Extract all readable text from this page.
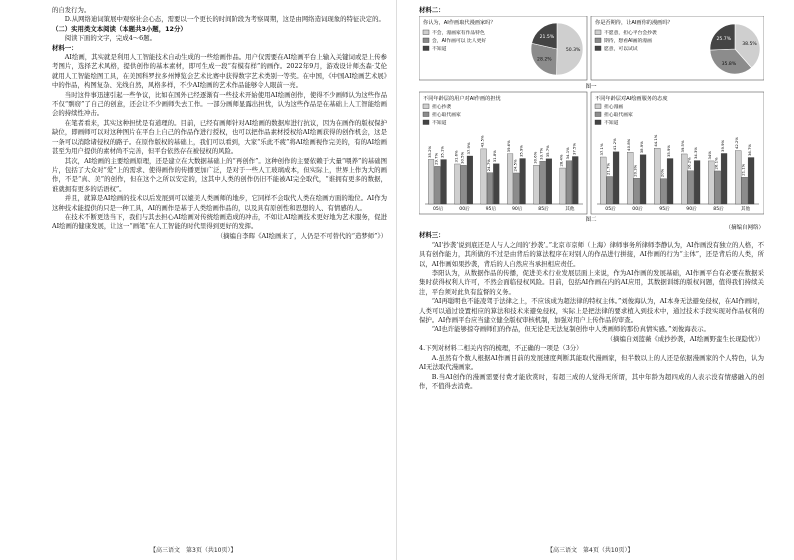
的自发行为。

D.从网络迪词策展中观察社会心态，需要以一个更长的时间阶段为考察周期，这是由网络造词现象的特征决定的。

（二）实用类文本阅读（本题共3小题，12分）

阅读下面的文字，完成4～6题。

材料一：

AI绘画，其实就是利用人工智能技术自动生成的一些绘画作品。用户仅需要在AI绘画平台上输入关键词或是上传参考图片，选择艺术风格，提供创作的基本素材，即可生成一段“有模有样”的画作。2022年9月，游戏设计师杰森·艾伦就用人工智能绘图工具，在美国科罗拉多州博览会艺术比赛中获得数字艺术类别一等奖。在中国，《中国AI绘画艺术展》中的作品，构图复杂、光线自然，风格多样，不少AI绘画的艺术作品能够令人眼前一亮。

当时这件事迅速引起一些争议，比如在国外已经逐渐有一些技术开始使用AI绘画创作，使得不少画师认为这些作品不仅“剽窃”了自己的创意，还会让不少画师失去工作。一部分画师显露出担忧，认为这些作品是在基础上人工智能绘画会的持续性冲击。

在笔者看来，其实这种担忧是有道理的。目前，已经有画师针对AI绘画的数据库进行抗议，因为在画作的版权保护缺位，即画师可以对这种图片在平台上自己的作品作进行授权，也可以把作品素材授权给AI绘画获得的创作机会，这是一条可以消除诸侵权的路子。在原作版权的基础上，我们可以看到，大家“乐此不疲”将AI绘画视作完美的，有的AI绘画甚至为用户提供的素材尚不完善，但平台依然存在被侵权的风险。

其次，AI绘画的主要绘画原理，还是建立在大数据基础上的“再创作”。这种创作的主要依赖于大量“喂养”的基础图片，包括了大众对“爱”上的需求、使得画作的传播更加广泛，是对于一些人工玻璃成本，但实际上，世界上作为大的画作，不是“真、美”的创作，但在这个之所以安定的，这其中人类的创作仍旧不能被AI完全取代，“谁拥有更多的数据，谁就拥有更多的话语权”。

并且，就算是AI绘画的技术以后发展到可以媲美人类画师的地步，它同样不会取代人类在绘画方面的地位。AI作为这种技术能提供的只是一种工具，AI的画作是基于人类绘画作品的，以及具有原创性和思想的人、有情感的人。

在技术不断更迭当下，我们与其去担心AI绘画对传统绘画造成的冲击，不如让AI绘画技术更好地为艺术服务，促进AI绘画的健康发展，让这一“画笔”在人工智能的时代里得到更好的发挥。

（摘编自李晖《AI绘画来了，人仍是不可替代的“造梦师”》）

【高三语文　第3页（共10页）】

材料二：

你认为，AI作画取代漫画家吗？	你是否期待，让AI画你的漫画吗？
不会，漫画家有作品特色
会，AI作画可以 比人更好
不知道
不愿意，担心平台会抄袭
期待，想看AI画的漫画
愿意，可以试试
50.3%
28.2%
21.5%
38.5%
35.8%
25.7%
图一
不同年龄层的用户对AI作画的担忧	不同年龄层对AI绘画服务的态度
担心抄袭
担心取代画家
不知道
担心漫画
担心取代画家
不知道
35.2%
29.7%
35.1%
05后
31.6% 30.5%
37.9%
00后
43.5%
24.7%
31.8%
95后
39.6%
24.5%
35.9%
90后
30.6% 33.7% 35.7%
85后
28.4%
34.1% 37.5%
其他
37.1%
21.7%
41.2%
05后
40.8%
20.3%
38.9%
00后
44.1%
20%
35.9%
95后
39.5%
26.2%
34.3%
90后
34%
26.1%
39.9%
85后
42.2%
21.1%
36.7%
其他
图二
（摘编自网络）

材料三：

“AI‘抄袭’说到底还是人与人之间的‘抄袭’。”北京市京师（上海）律师事务所律师李静认为，AI作画没有独立的人格，不具有创作能力，其所做的不过是由背后的算法程序在对别人的作品进行拼接，AI作画的行为“主体”，还是背后的人类，所以，AI作画如果抄袭，背后的人自然应当承担相应责任。

李阳认为，从数据作品的传播，促进美术行业发展层面上来说，作为AI作画的发展基础，AI作画平台有必要在数据采集时获得权利人许可，不然会面临侵权风险。目前，包括AI作画在内的AI应用，其数据训练的版权问题，值得我们持续关注，平台须对此负有监督的义务。

“AI再聪明也不能凌驾于法律之上，不应该成为超法律的特权主体。”刘俊海认为，AI本身无法避免侵权，在AI作画时，人类可以通过设置相应的算法和技术来避免侵权，实际上是把法律的要求植入到技术中，通过技术手段实现对作品权利的保护。AI作画平台应当建立健全版权审核机制，加强对用户上传作品的审查。

“AI也许能够掠夺画师们的作品，但无论是无法复制创作中人类画师的那份真情实感。”刘俊海表示。

（摘编自刘篮薇《成抄抄袭，AI绘画野蛮生长现隐忧》）

4.下列对材料二相关内容的梳理，不正确的一项是（3分）

A.虽然有个数人根据AI作画目前的发展速度判断其能取代漫画家，但半数以上的人还是依据漫画家的个人特色，认为AI无法取代漫画家。

B.当AI创作的漫画需要付费才能欣赏时，有超三成的人觉得无所谓，其中年龄为超四成的人表示没有情感融入的创作，不值得去消费。

【高三语文　第4页（共10页）】
